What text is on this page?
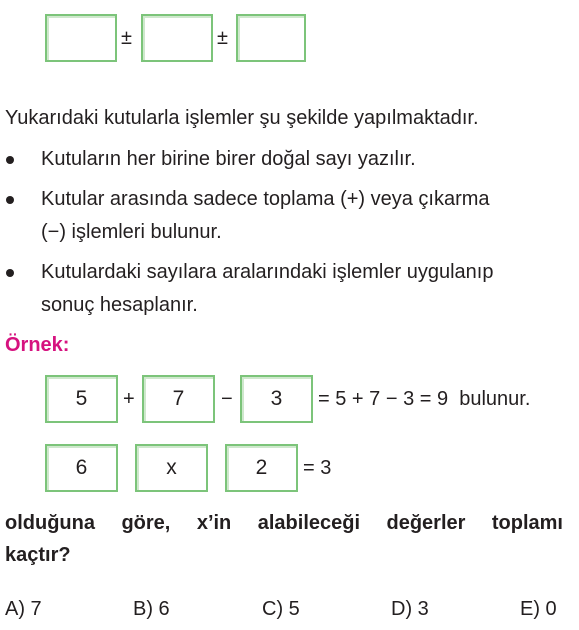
±	±
Yukarıdaki kutularla işlemler şu şekilde yapılmaktadır.
Kutuların her birine birer doğal sayı yazılır.
Kutular arasında sadece toplama (+) veya çıkarma
(−) işlemleri bulunur.
Kutulardaki sayılara aralarındaki işlemler uygulanıp
sonuç hesaplanır.
Örnek:
5	+	7	−	3	= 5 + 7 − 3 = 9  bulunur.
6	x	2	= 3
olduğuna göre, x’in alabileceği değerler toplamı
kaçtır?
A) 7	B) 6	C) 5	D) 3	E) 0
